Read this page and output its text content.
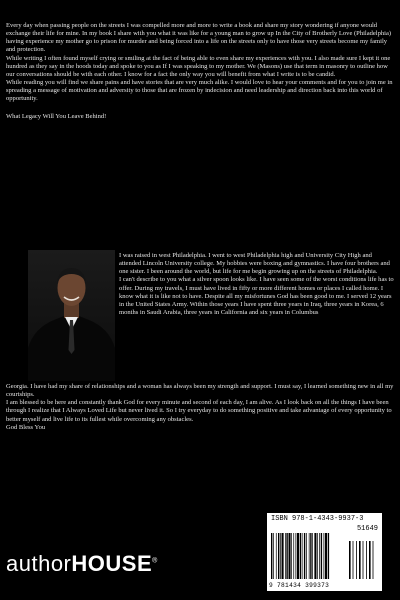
Every day when passing people on the streets I was compelled more and more to write a book and share my story wondering if anyone would exchange their life for mine. In my book I share with you what it was like for a young man to grow up In the City of Brotherly Love (Philadelphia) having experience my mother go to prison for murder and being forced into a life on the streets only to have those very streets become my family and protection.

While writing I often found myself crying or smiling at the fact of being able to even share my experiences with you. I also made sure I kept it one hundred as they say in the hoods today and spoke to you as If I was speaking to my mother. We (Masons) use that term in masonry to outline how our conversations should be with each other. I know for a fact the only way you will benefit from what I write is to be candid.

While reading you will find we share pains and have stories that are very much alike. I would love to hear your comments and for you to join me in spreading a message of motivation and adversity to those that are frozen by indecision and need leadership and direction back into this world of opportunity.

What Legacy Will You Leave Behind!

I was raised in west Philadelphia. I went to west Philadelphia high and University City High and attended Lincoln University college. My hobbies were boxing and gymnastics. I have four brothers and one sister. I been around the world, but life for me begin growing up on the streets of Philadelphia.

I can't describe to you what a silver spoon looks like. I have seen some of the worst conditions life has to offer. During my travels, I must have lived in fifty or more different homes or places I called home. I know what it is like not to have. Despite all my misfortunes God has been good to me. I served 12 years in the United States Army. Within those years I have spent three years in Iraq, three years in Korea, 6 months in Saudi Arabia, three years in California and six years in Columbus

Georgia. I have had my share of relationships and a woman has always been my strength and support. I must say, I learned something new in all my courtships.

I am blessed to be here and constantly thank God for every minute and second of each day, I am alive. As I look back on all the things I have been through I realize that I Always Loved Life but never lived it. So I try everyday to do something positive and take advantage of every opportunity to better myself and live life to its fullest while overcoming any obstacles.

God Bless You

ISBN 978-1-4343-9937-3
51649
9 781434 399373
authorHOUSE®
